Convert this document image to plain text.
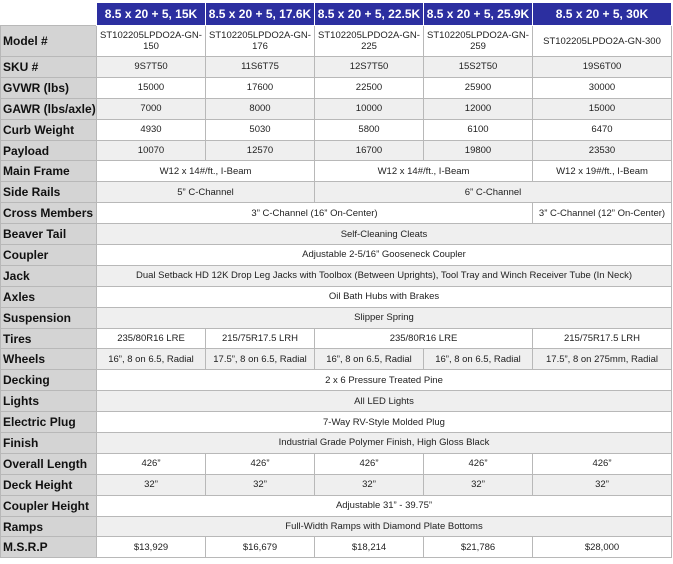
	8.5 x 20 + 5, 15K	8.5 x 20 + 5, 17.6K	8.5 x 20 + 5, 22.5K	8.5 x 20 + 5, 25.9K	8.5 x 20 + 5, 30K
Model #	ST102205LPDO2A-GN-150	ST102205LPDO2A-GN-176	ST102205LPDO2A-GN-225	ST102205LPDO2A-GN-259	ST102205LPDO2A-GN-300
SKU #	9S7T50	11S6T75	12S7T50	15S2T50	19S6T00
GVWR (lbs)	15000	17600	22500	25900	30000
GAWR (lbs/axle)	7000	8000	10000	12000	15000
Curb Weight	4930	5030	5800	6100	6470
Payload	10070	12570	16700	19800	23530
Main Frame	W12 x 14#/ft., I-Beam		W12 x 14#/ft., I-Beam		W12 x 19#/ft., I-Beam
Side Rails	5” C-Channel		6” C-Channel		
Cross Members	3” C-Channel (16” On-Center)				3” C-Channel (12” On-Center)
Beaver Tail	Self-Cleaning Cleats				
Coupler	Adjustable 2-5/16” Gooseneck Coupler				
Jack	Dual Setback HD 12K Drop Leg Jacks with Toolbox (Between Uprights), Tool Tray and Winch Receiver Tube (In Neck)				
Axles	Oil Bath Hubs with Brakes				
Suspension	Slipper Spring				
Tires	235/80R16 LRE	215/75R17.5 LRH	235/80R16 LRE		215/75R17.5 LRH
Wheels	16”, 8 on 6.5, Radial	17.5”, 8 on 6.5, Radial	16”, 8 on 6.5, Radial	16”, 8 on 6.5, Radial	17.5”, 8 on 275mm, Radial
Decking	2 x 6 Pressure Treated Pine				
Lights	All LED Lights				
Electric Plug	7-Way RV-Style Molded Plug				
Finish	Industrial Grade Polymer Finish, High Gloss Black				
Overall Length	426”	426”	426”	426”	426”
Deck Height	32”	32”	32”	32”	32”
Coupler Height	Adjustable 31” - 39.75”				
Ramps	Full-Width Ramps with Diamond Plate Bottoms				
M.S.R.P	$13,929	$16,679	$18,214	$21,786	$28,000
